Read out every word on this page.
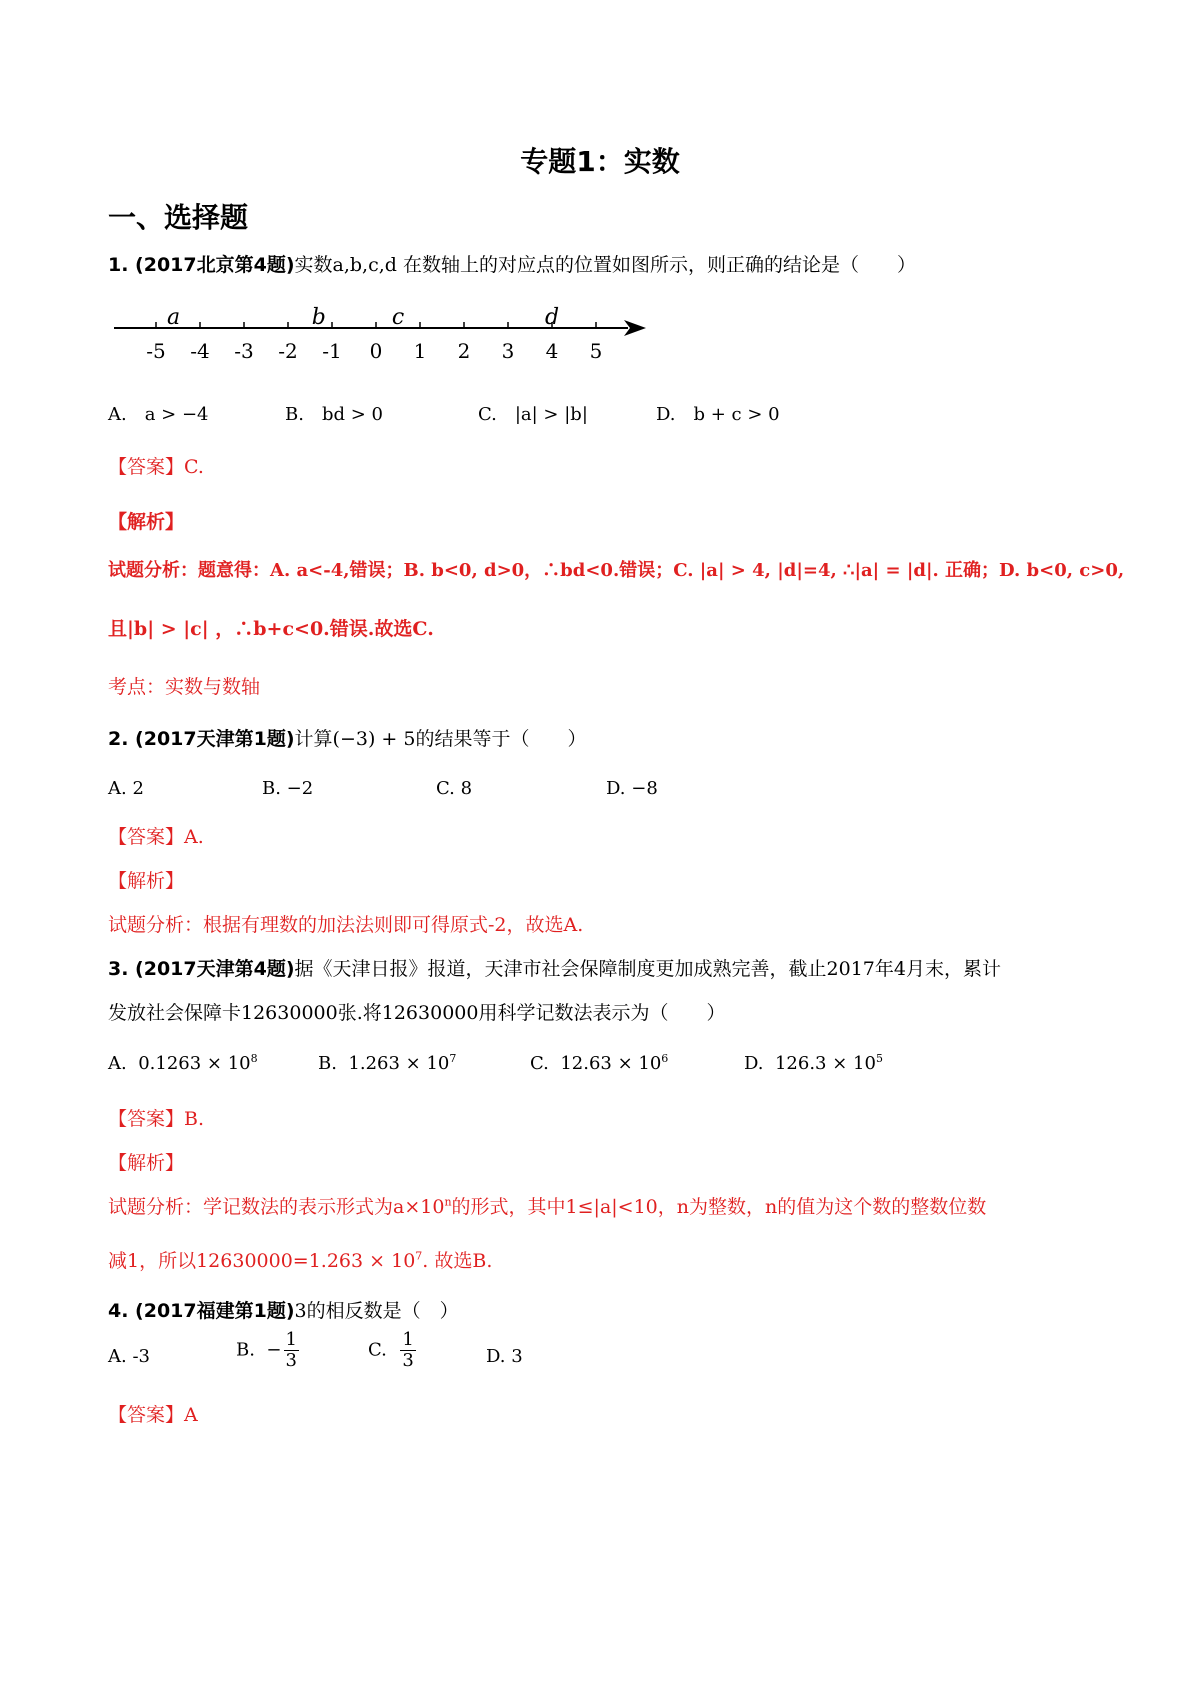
专题1：实数
一、选择题
1. (2017北京第4题)实数a,b,c,d 在数轴上的对应点的位置如图所示，则正确的结论是（　　）
-5 -4 -3 -2 -1 0 1 2 3 4 5
a	b	c	d
A.　a > −4	B.　bd > 0	C.　|a| > |b|	D.　b + c > 0
【答案】C.
【解析】
试题分析：题意得：A. a<-4,错误；B. b<0, d>0，∴bd<0.错误；C. |a| > 4, |d|=4, ∴|a| = |d|. 正确；D. b<0, c>0,
且|b| > |c| ，∴b+c<0.错误.故选C.
考点：实数与数轴
2. (2017天津第1题)计算(−3) + 5的结果等于（　　）
A. 2	B. −2	C. 8	D. −8
【答案】A.
【解析】
试题分析：根据有理数的加法法则即可得原式-2，故选A.
3. (2017天津第4题)据《天津日报》报道，天津市社会保障制度更加成熟完善，截止2017年4月末，累计
发放社会保障卡12630000张.将12630000用科学记数法表示为（　　）
A. $0.1263 \times 10^8$	B. $1.263 \times 10^7$	C. $12.63 \times 10^6$	D. $126.3 \times 10^5$
【答案】B.
【解析】
试题分析：学记数法的表示形式为$a\times 10^n$的形式，其中1≤|a|<10，n为整数，n的值为这个数的整数位数
减1，所以$12630000=1.263 \times 10^7$. 故选B.
4. (2017福建第1题)3的相反数是（　）
A. -3	B. − $\frac{1}{3}$	C. $\frac{1}{3}$	D. 3
【答案】A
